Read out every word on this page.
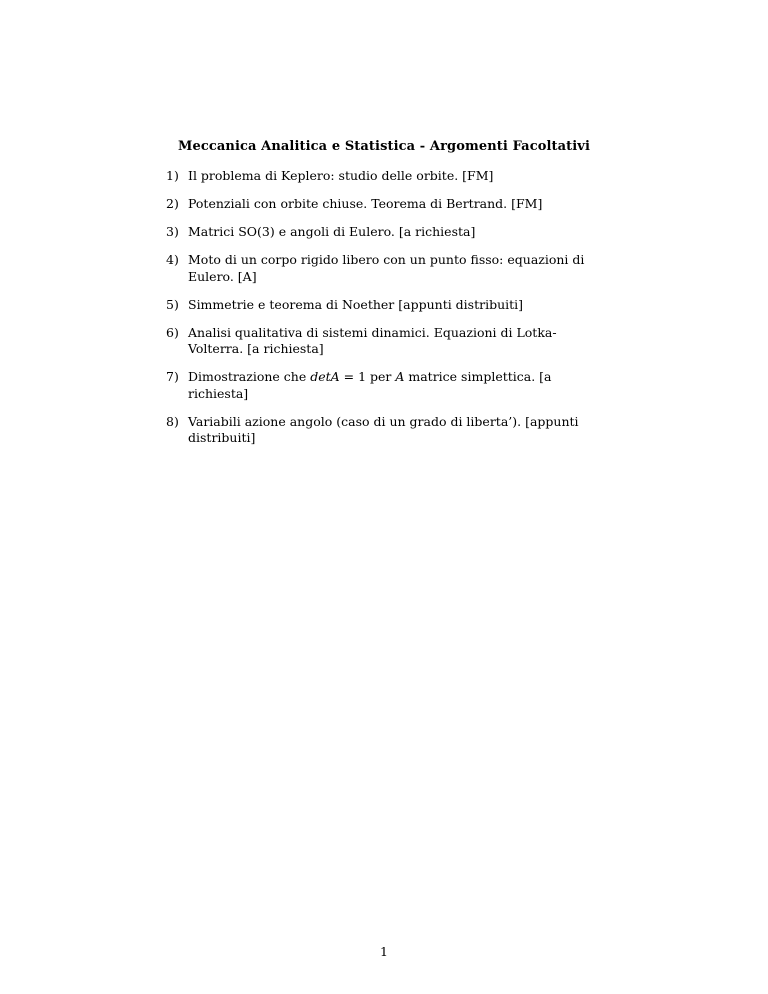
Meccanica Analitica e Statistica - Argomenti Facoltativi
1) Il problema di Keplero: studio delle orbite. [FM]
2) Potenziali con orbite chiuse. Teorema di Bertrand. [FM]
3) Matrici SO(3) e angoli di Eulero. [a richiesta]
4) Moto di un corpo rigido libero con un punto fisso: equazioni di Eulero. [A]
5) Simmetrie e teorema di Noether [appunti distribuiti]
6) Analisi qualitativa di sistemi dinamici. Equazioni di Lotka-Volterra. [a richiesta]
7) Dimostrazione che detA = 1 per A matrice simplettica. [a richiesta]
8) Variabili azione angolo (caso di un grado di liberta’). [appunti distribuiti]

1
